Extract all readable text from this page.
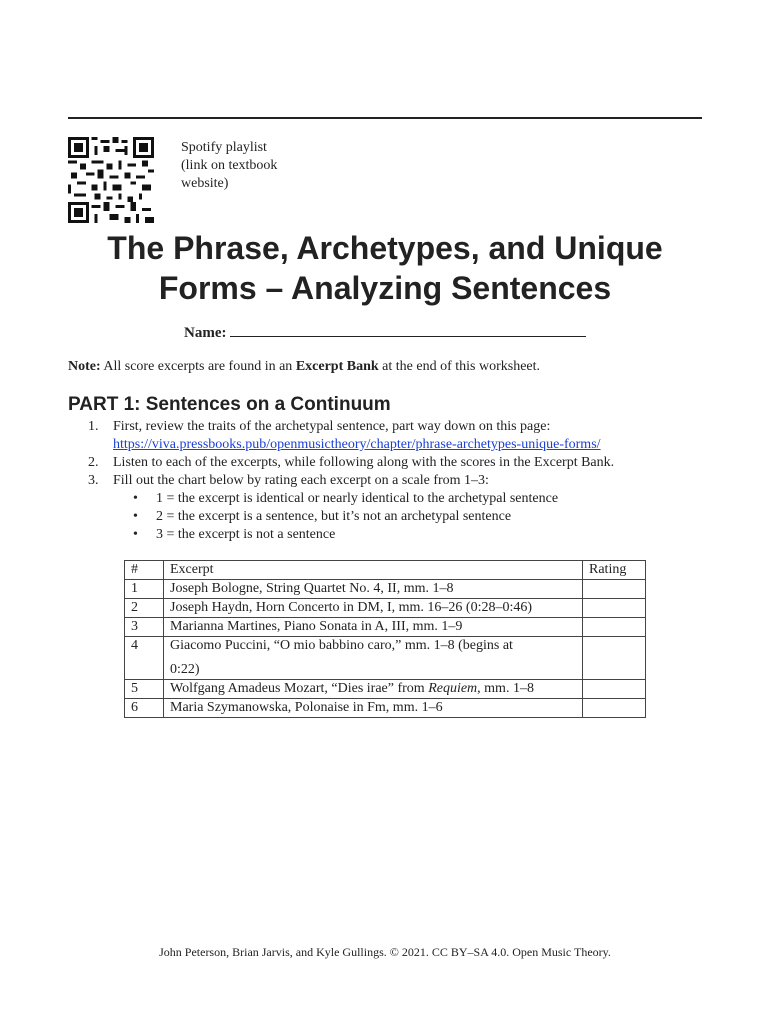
Spotify playlist
(link on textbook
website)
The Phrase, Archetypes, and Unique
Forms – Analyzing Sentences
Name:
Note: All score excerpts are found in an Excerpt Bank at the end of this worksheet.
PART 1: Sentences on a Continuum
1. First, review the traits of the archetypal sentence, part way down on this page:
https://viva.pressbooks.pub/openmusictheory/chapter/phrase-archetypes-unique-forms/
2. Listen to each of the excerpts, while following along with the scores in the Excerpt Bank.
3. Fill out the chart below by rating each excerpt on a scale from 1–3:
• 1 = the excerpt is identical or nearly identical to the archetypal sentence
• 2 = the excerpt is a sentence, but it’s not an archetypal sentence
• 3 = the excerpt is not a sentence
#	Excerpt	Rating
1	Joseph Bologne, String Quartet No. 4, II, mm. 1–8	
2	Joseph Haydn, Horn Concerto in DM, I, mm. 16–26 (0:28–0:46)	
3	Marianna Martines, Piano Sonata in A, III, mm. 1–9	
4	Giacomo Puccini, “O mio babbino caro,” mm. 1–8 (begins at
0:22)	

5	Wolfgang Amadeus Mozart, “Dies irae” from Requiem, mm. 1–8	
6	Maria Szymanowska, Polonaise in Fm, mm. 1–6	
John Peterson, Brian Jarvis, and Kyle Gullings. © 2021. CC BY–SA 4.0. Open Music Theory.
